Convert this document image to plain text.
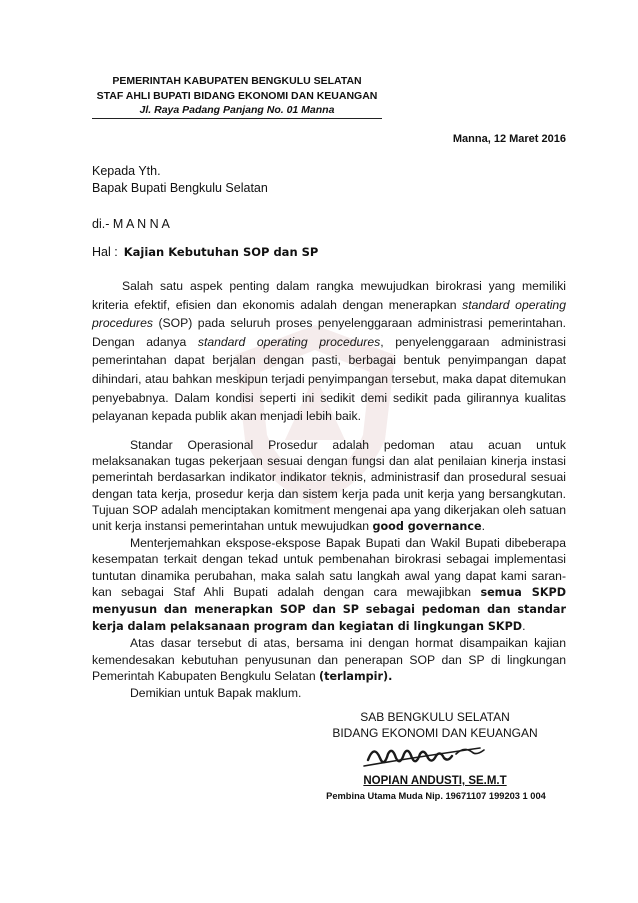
PEMERINTAH KABUPATEN BENGKULU SELATAN
STAF AHLI BUPATI BIDANG EKONOMI DAN KEUANGAN
Jl. Raya Padang Panjang No. 01 Manna
Manna, 12 Maret 2016
Kepada Yth.
Bapak Bupati Bengkulu Selatan
di.- M A N N A
Hal : Kajian Kebutuhan SOP dan SP
Salah satu aspek penting dalam rangka mewujudkan birokrasi yang memiliki kriteria efektif, efisien dan ekonomis adalah dengan menerapkan standard operating procedures (SOP) pada seluruh proses penyelenggaraan administrasi pemerintahan. Dengan adanya standard operating procedures, penyelenggaraan administrasi pemerintahan dapat berjalan dengan pasti, berbagai bentuk penyimpangan dapat dihindari, atau bahkan meskipun terjadi penyimpangan tersebut, maka dapat ditemukan penyebabnya. Dalam kondisi seperti ini sedikit demi sedikit pada gilirannya kualitas pelayanan kepada publik akan menjadi lebih baik.

Standar Operasional Prosedur adalah pedoman atau acuan untuk melaksanakan tugas pekerjaan sesuai dengan fungsi dan alat penilaian kinerja instasi pemerintah berdasarkan indikator indikator teknis, administrasif dan prosedural sesuai dengan tata kerja, prosedur kerja dan sistem kerja pada unit kerja yang bersangkutan. Tujuan SOP adalah menciptakan komitment mengenai apa yang dikerjakan oleh satuan unit kerja instansi pemerintahan untuk mewujudkan good governance.

Menterjemahkan ekspose-ekspose Bapak Bupati dan Wakil Bupati dibeberapa kesempatan terkait dengan tekad untuk pembenahan birokrasi sebagai implementasi tuntutan dinamika perubahan, maka salah satu langkah awal yang dapat kami sarankan sebagai Staf Ahli Bupati adalah dengan cara mewajibkan semua SKPD menyusun dan menerapkan SOP dan SP sebagai pedoman dan standar kerja dalam pelaksanaan program dan kegiatan di lingkungan SKPD.

Atas dasar tersebut di atas, bersama ini dengan hormat disampaikan kajian kemendesakan kebutuhan penyusunan dan penerapan SOP dan SP di lingkungan Pemerintah Kabupaten Bengkulu Selatan (terlampir).

Demikian untuk Bapak maklum.

SAB BENGKULU SELATAN
BIDANG EKONOMI DAN KEUANGAN
NOPIAN ANDUSTI, SE.M.T
Pembina Utama Muda Nip. 19671107 199203 1 004
